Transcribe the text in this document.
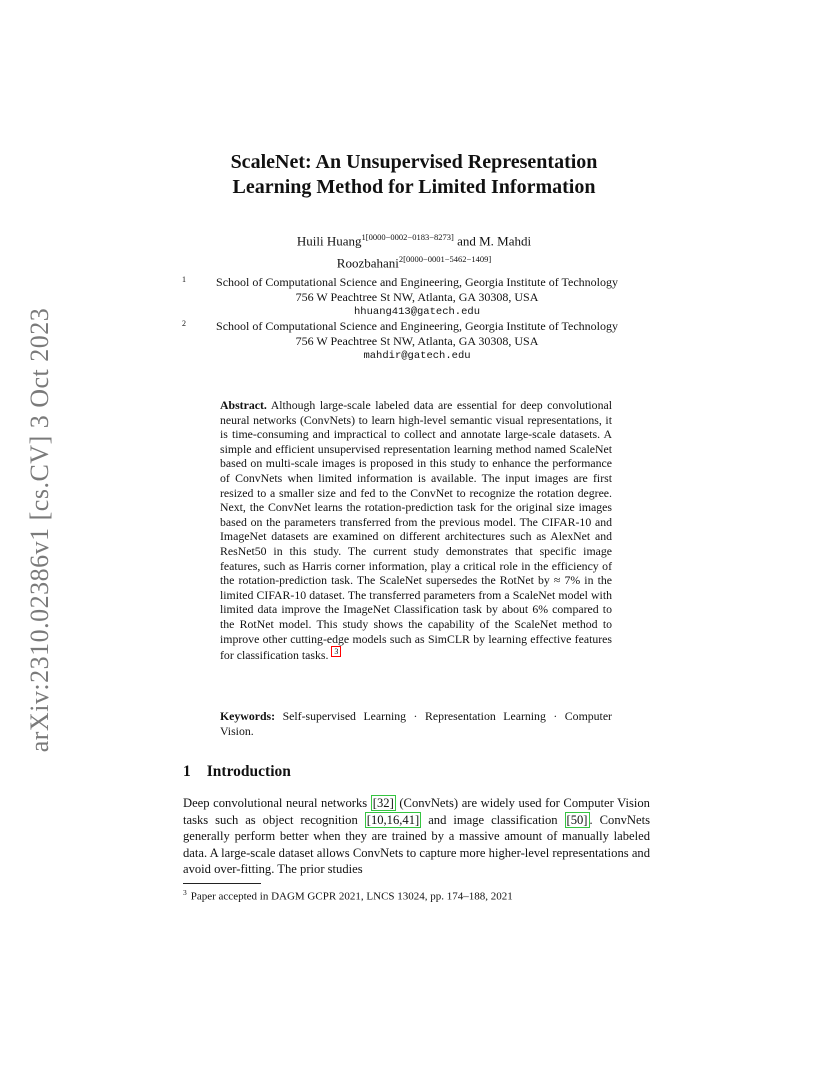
arXiv:2310.02386v1 [cs.CV] 3 Oct 2023
ScaleNet: An Unsupervised Representation
Learning Method for Limited Information
Huili Huang$^{1[0000-0002-0183-8273]}$ and M. Mahdi
Roozbahani$^{2[0000-0001-5462-1409]}$
1	School of Computational Science and Engineering, Georgia Institute of Technology
756 W Peachtree St NW, Atlanta, GA 30308, USA
hhuang413@gatech.edu
2	School of Computational Science and Engineering, Georgia Institute of Technology
756 W Peachtree St NW, Atlanta, GA 30308, USA
mahdir@gatech.edu
Abstract. Although large-scale labeled data are essential for deep convolutional neural networks (ConvNets) to learn high-level semantic visual representations, it is time-consuming and impractical to collect and annotate large-scale datasets. A simple and efficient unsupervised representation learning method named ScaleNet based on multi-scale images is proposed in this study to enhance the performance of ConvNets when limited information is available. The input images are first resized to a smaller size and fed to the ConvNet to recognize the rotation degree. Next, the ConvNet learns the rotation-prediction task for the original size images based on the parameters transferred from the previous model. The CIFAR-10 and ImageNet datasets are examined on different architectures such as AlexNet and ResNet50 in this study. The current study demonstrates that specific image features, such as Harris corner information, play a critical role in the efficiency of the rotation-prediction task. The ScaleNet supersedes the RotNet by ≈ 7% in the limited CIFAR-10 dataset. The transferred parameters from a ScaleNet model with limited data improve the ImageNet Classification task by about 6% compared to the RotNet model. This study shows the capability of the ScaleNet method to improve other cutting-edge models such as SimCLR by learning effective features for classification tasks. 3
Keywords: Self-supervised Learning · Representation Learning · Computer Vision.
1 Introduction
Deep convolutional neural networks [32] (ConvNets) are widely used for Computer Vision tasks such as object recognition [10,16,41] and image classification [50] . ConvNets generally perform better when they are trained by a massive amount of manually labeled data. A large-scale dataset allows ConvNets to capture more higher-level representations and avoid over-fitting. The prior studies
$^3$ Paper accepted in DAGM GCPR 2021, LNCS 13024, pp. 174–188, 2021
